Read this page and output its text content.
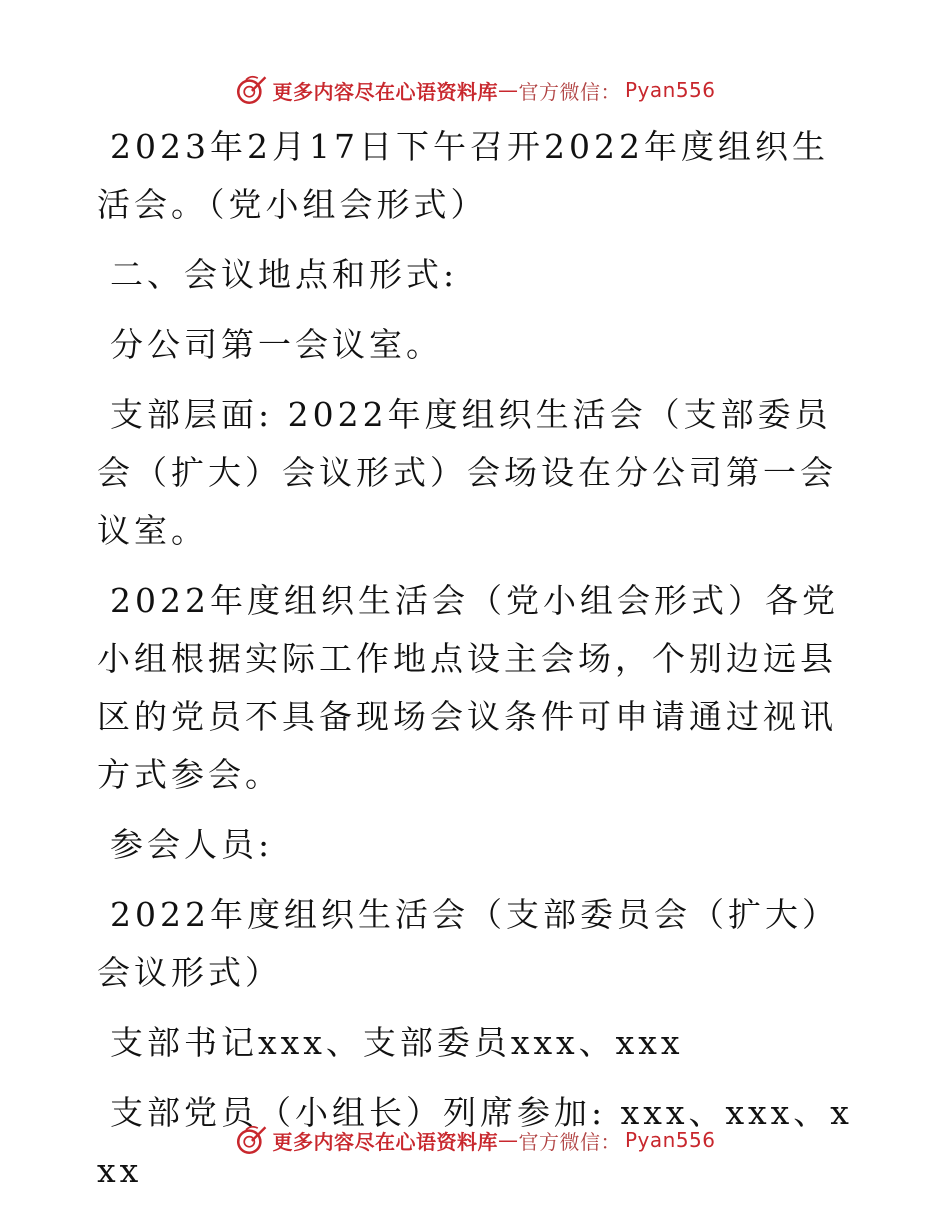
更多内容尽在心语资料库 — 官方微信： Pyan556

2023年2月17日下午召开2022年度组织生活会。（党小组会形式）

二、会议地点和形式:

分公司第一会议室。

支部层面: 2022年度组织生活会（支部委员会（扩大）会议形式）会场设在分公司第一会议室。

2022年度组织生活会（党小组会形式）各党小组根据实际工作地点设主会场，个别边远县区的党员不具备现场会议条件可申请通过视讯方式参会。

参会人员:

2022年度组织生活会（支部委员会（扩大）会议形式）

支部书记xxx、支部委员xxx、xxx

支部党员（小组长）列席参加: xxx、xxx、xxx

更多内容尽在心语资料库 — 官方微信： Pyan556
